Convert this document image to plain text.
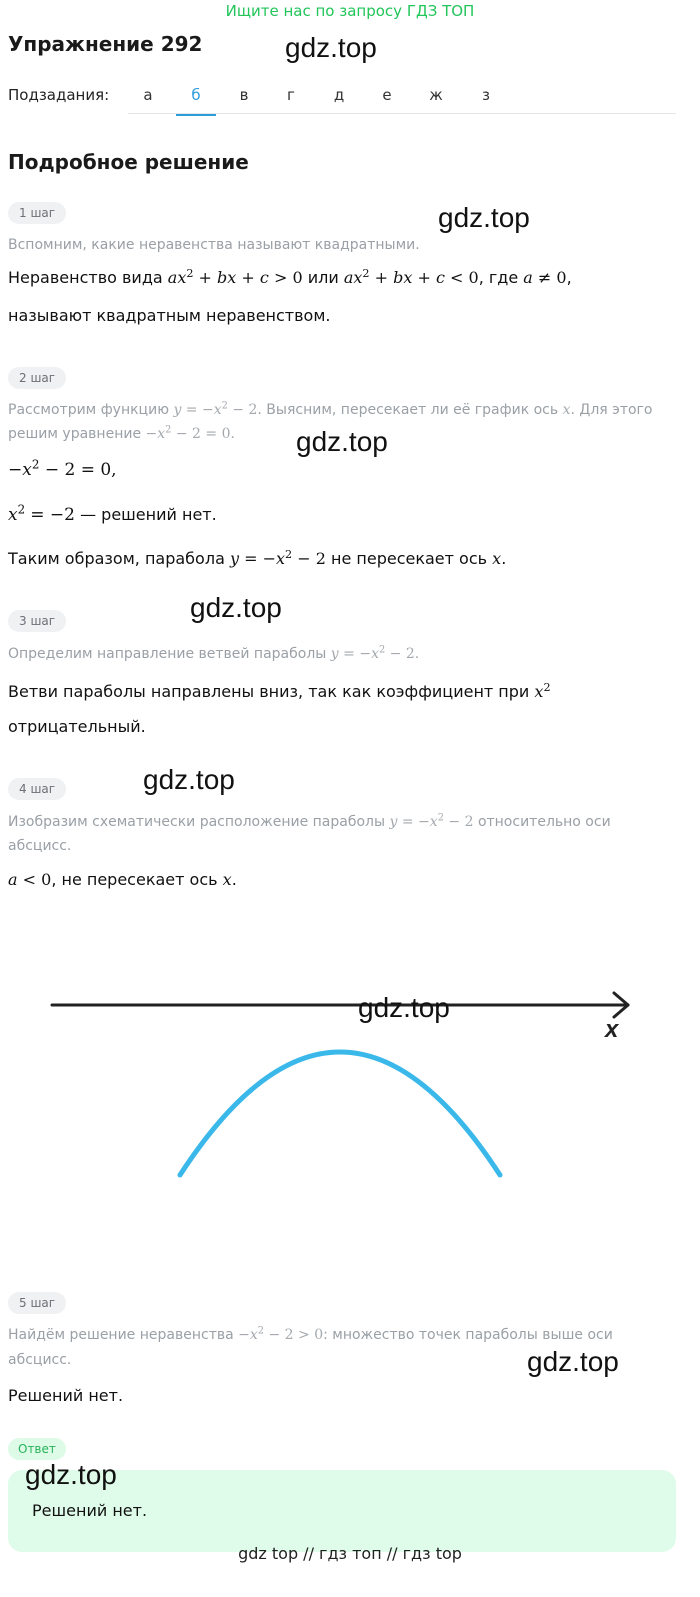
Ищите нас по запросу ГДЗ ТОП
Упражнение 292	gdz.top
Подзадания:	а	б	в	г	д	е	ж	з
Подробное решение
1 шаг	gdz.top
Вспомним, какие неравенства называют квадратными.
Неравенство вида $ax^2$ + bx + c > 0 или $ax^2$ + bx + c < 0, где a ≠ 0,
называют квадратным неравенством.
2 шаг
Рассмотрим функцию $y = -x^2 - 2$. Выясним, пересекает ли её график ось x. Для этого
решим уравнение $-x^2 - 2 = 0$. gdz.top
$-x^2 - 2 = 0$,
$x^2 = -2$ — решений нет.
Таким образом, парабола $y = -x^2 - 2$ не пересекает ось x.
gdz.top
3 шаг
Определим направление ветвей параболы $y = -x^2 - 2$.
Ветви параболы направлены вниз, так как коэффициент при $x^2$
отрицательный.
gdz.top
4 шаг
Изобразим схематически расположение параболы $y = -x^2 - 2$ относительно оси
абсцисс.
a < 0, не пересекает ось x.
x
gdz.top
5 шаг
Найдём решение неравенства $-x^2 - 2 > 0$: множество точек параболы выше оси
абсцисс.	gdz.top
Решений нет.
Ответ
gdz.top
Решений нет.
gdz top // гдз топ // гдз top
